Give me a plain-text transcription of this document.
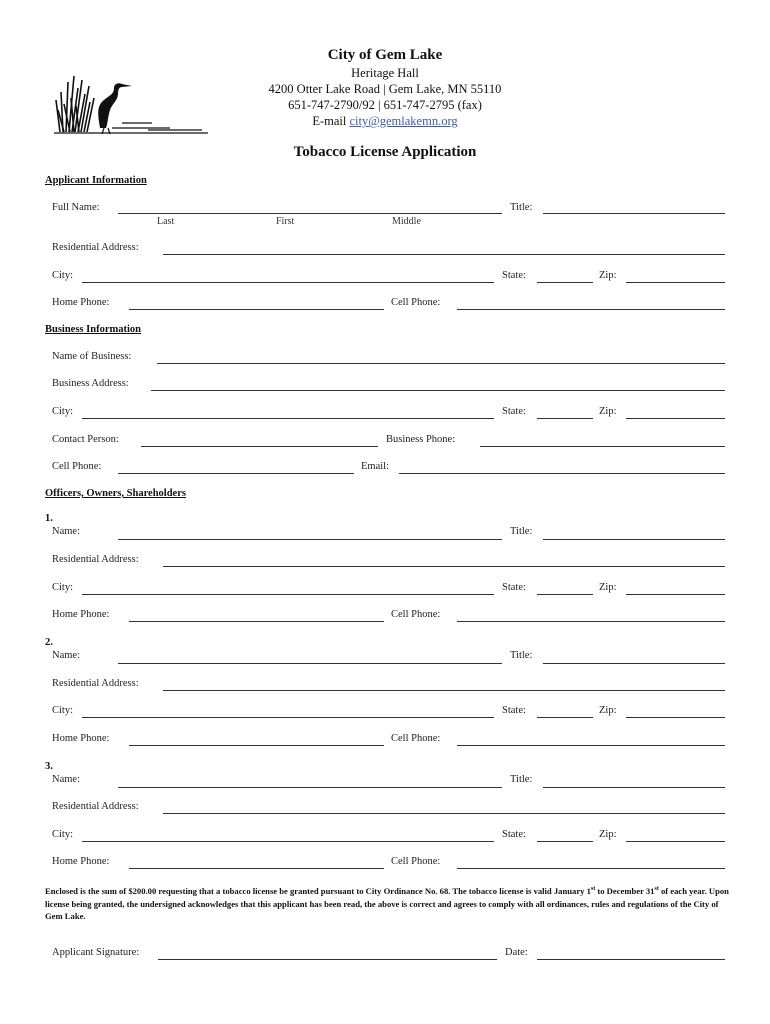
City of Gem Lake
Heritage Hall
4200 Otter Lake Road | Gem Lake, MN 55110
651-747-2790/92 | 651-747-2795 (fax)
E-mail city@gemlakemn.org
Tobacco License Application
Applicant Information
Full Name:	Title:
Last	First	Middle
Residential Address:
City:	State:	Zip:
Home Phone:	Cell Phone:
Business Information
Name of Business:
Business Address:
City:	State:	Zip:
Contact Person:	Business Phone:
Cell Phone:	Email:
Officers, Owners, Shareholders
1.
Name:	Title:
Residential Address:
City:	State:	Zip:
Home Phone:	Cell Phone:
2.
Name:	Title:
Residential Address:
City:	State:	Zip:
Home Phone:	Cell Phone:
3.
Name:	Title:
Residential Address:
City:	State:	Zip:
Home Phone:	Cell Phone:
Enclosed is the sum of $200.00 requesting that a tobacco license be granted pursuant to City Ordinance No. 68. The tobacco license is valid January 1st to December 31st of each year. Upon license being granted, the undersigned acknowledges that this applicant has been read, the above is correct and agrees to comply with all ordinances, rules and regulations of the City of Gem Lake.
Applicant Signature:	Date:
